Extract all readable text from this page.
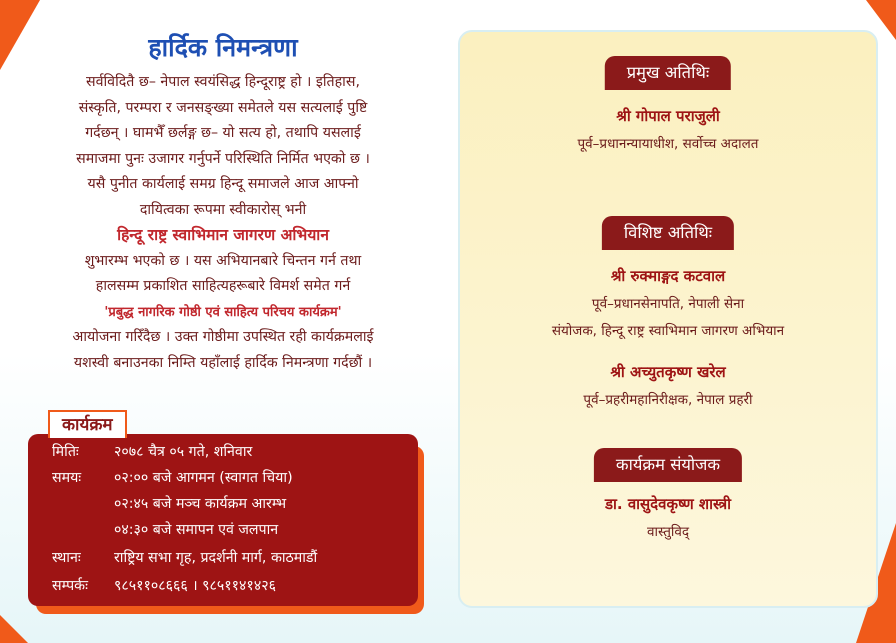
हार्दिक निमन्त्रणा

सर्वविदितै छ– नेपाल स्वयंसिद्ध हिन्दूराष्ट्र हो । इतिहास,
संस्कृति, परम्परा र जनसङ्ख्या समेतले यस सत्यलाई पुष्टि
गर्दछन् । घामभैँ छर्लङ्ग छ– यो सत्य हो, तथापि यसलाई
समाजमा पुनः उजागर गर्नुपर्ने परिस्थिति निर्मित भएको छ ।
यसै पुनीत कार्यलाई समग्र हिन्दू समाजले आज आफ्नो
दायित्वका रूपमा स्वीकारोस् भनी
हिन्दू राष्ट्र स्वाभिमान जागरण अभियान
शुभारम्भ भएको छ । यस अभियानबारे चिन्तन गर्न तथा
हालसम्म प्रकाशित साहित्यहरूबारे विमर्श समेत गर्न
'प्रबुद्ध नागरिक गोष्ठी एवं साहित्य परिचय कार्यक्रम'
आयोजना गरिँदैछ । उक्त गोष्ठीमा उपस्थित रही कार्यक्रमलाई
यशस्वी बनाउनका निम्ति यहाँलाई हार्दिक निमन्त्रणा गर्दछौं ।

कार्यक्रम
मितिः २०७८ चैत्र ०५ गते, शनिवार
समयः ०२:०० बजे आगमन (स्वागत चिया)
०२:४५ बजे मञ्च कार्यक्रम आरम्भ
०४:३० बजे समापन एवं जलपान
स्थानः राष्ट्रिय सभा गृह, प्रदर्शनी मार्ग, काठमाडौं
सम्पर्कः ९८५११०८६६६ । ९८५११४१४२६
प्रमुख अतिथिः
श्री गोपाल पराजुली
पूर्व–प्रधानन्यायाधीश, सर्वोच्च अदालत
विशिष्ट अतिथिः
श्री रुक्माङ्गद कटवाल
पूर्व–प्रधानसेनापति, नेपाली सेना
संयोजक, हिन्दू राष्ट्र स्वाभिमान जागरण अभियान
श्री अच्युतकृष्ण खरेल
पूर्व–प्रहरीमहानिरीक्षक, नेपाल प्रहरी
कार्यक्रम संयोजक
डा. वासुदेवकृष्ण शास्त्री
वास्तुविद्
